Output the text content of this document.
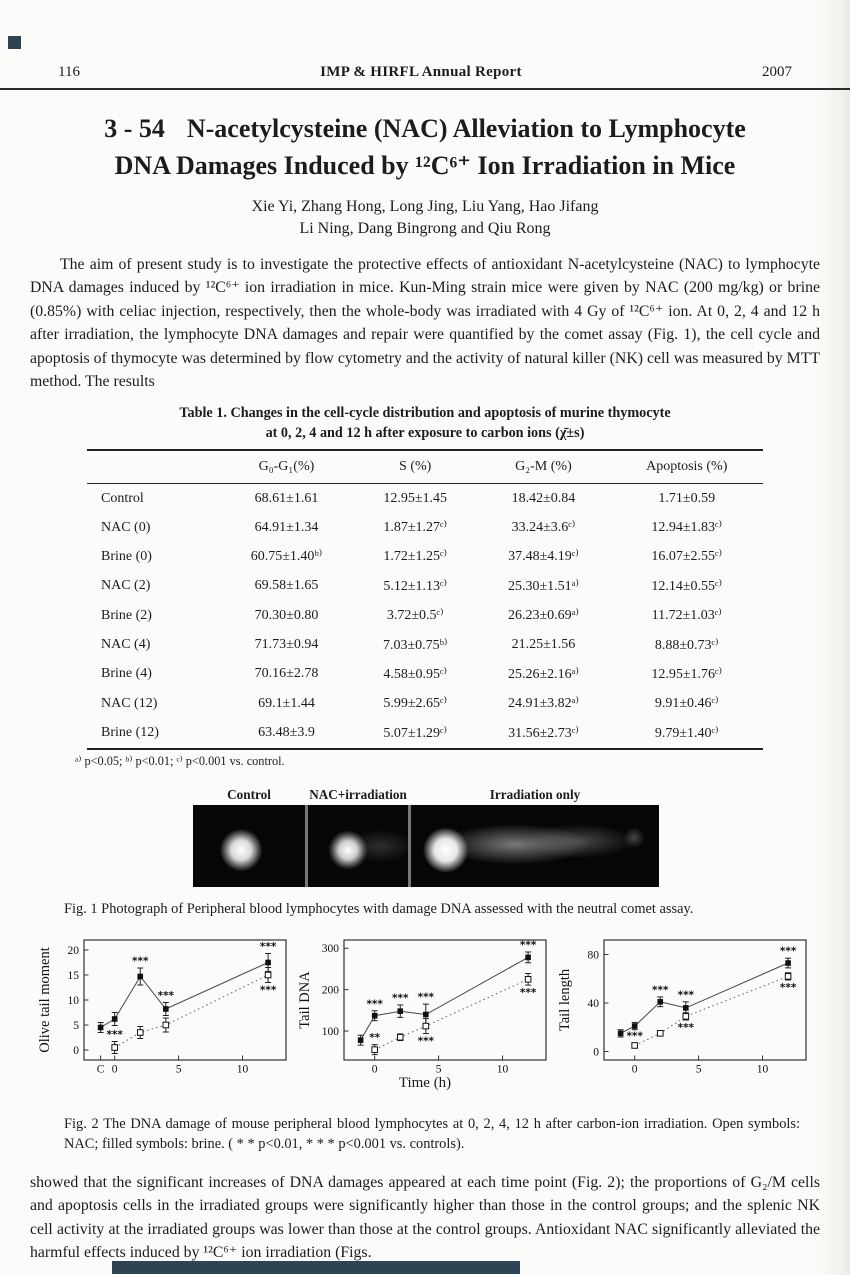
116	IMP & HIRFL Annual Report	2007
3 - 54 N-acetylcysteine (NAC) Alleviation to Lymphocyte
DNA Damages Induced by ¹²C⁶⁺ Ion Irradiation in Mice
Xie Yi, Zhang Hong, Long Jing, Liu Yang, Hao Jifang
Li Ning, Dang Bingrong and Qiu Rong
The aim of present study is to investigate the protective effects of antioxidant N-acetylcysteine (NAC) to lymphocyte DNA damages induced by ¹²C⁶⁺ ion irradiation in mice. Kun-Ming strain mice were given by NAC (200 mg/kg) or brine (0.85%) with celiac injection, respectively, then the whole-body was irradiated with 4 Gy of ¹²C⁶⁺ ion. At 0, 2, 4 and 12 h after irradiation, the lymphocyte DNA damages and repair were quantified by the comet assay (Fig. 1), the cell cycle and apoptosis of thymocyte was determined by flow cytometry and the activity of natural killer (NK) cell was measured by MTT method. The results
Table 1. Changes in the cell-cycle distribution and apoptosis of murine thymocyte
at 0, 2, 4 and 12 h after exposure to carbon ions (χ̄±s)
	G₀-G₁(%)	S (%)	G₂-M (%)	Apoptosis (%)
Control	68.61±1.61	12.95±1.45	18.42±0.84	1.71±0.59
NAC (0)	64.91±1.34	1.87±1.27ᶜ⁾	33.24±3.6ᶜ⁾	12.94±1.83ᶜ⁾
Brine (0)	60.75±1.40ᵇ⁾	1.72±1.25ᶜ⁾	37.48±4.19ᶜ⁾	16.07±2.55ᶜ⁾
NAC (2)	69.58±1.65	5.12±1.13ᶜ⁾	25.30±1.51ᵃ⁾	12.14±0.55ᶜ⁾
Brine (2)	70.30±0.80	3.72±0.5ᶜ⁾	26.23±0.69ᵃ⁾	11.72±1.03ᶜ⁾
NAC (4)	71.73±0.94	7.03±0.75ᵇ⁾	21.25±1.56	8.88±0.73ᶜ⁾
Brine (4)	70.16±2.78	4.58±0.95ᶜ⁾	25.26±2.16ᵃ⁾	12.95±1.76ᶜ⁾
NAC (12)	69.1±1.44	5.99±2.65ᶜ⁾	24.91±3.82ᵃ⁾	9.91±0.46ᶜ⁾
Brine (12)	63.48±3.9	5.07±1.29ᶜ⁾	31.56±2.73ᶜ⁾	9.79±1.40ᶜ⁾
ᵃ⁾ p<0.05; ᵇ⁾ p<0.01; ᶜ⁾ p<0.001 vs. control.
Control	NAC+irradiation	Irradiation only
Fig. 1 Photograph of Peripheral blood lymphocytes with damage DNA assessed with the neutral comet assay.
Olive tail moment 0
5
10
15
20
C 0	5	10
***
***
***
***
*** Tail DNA
100
200
300
0	5	10
*** *** ***
***
**	***
*** Tail length
0
40
80
0	5	10
*** ***
***
***
***
***
Time (h)
Fig. 2 The DNA damage of mouse peripheral blood lymphocytes at 0, 2, 4, 12 h after carbon-ion irradiation. Open symbols: NAC; filled symbols: brine. ( * * p<0.01, * * * p<0.001 vs. controls).
showed that the significant increases of DNA damages appeared at each time point (Fig. 2); the proportions of G₂/M cells and apoptosis cells in the irradiated groups were significantly higher than those in the control groups; and the splenic NK cell activity at the irradiated groups was lower than those at the control groups. Antioxidant NAC significantly alleviated the harmful effects induced by ¹²C⁶⁺ ion irradiation (Figs.
